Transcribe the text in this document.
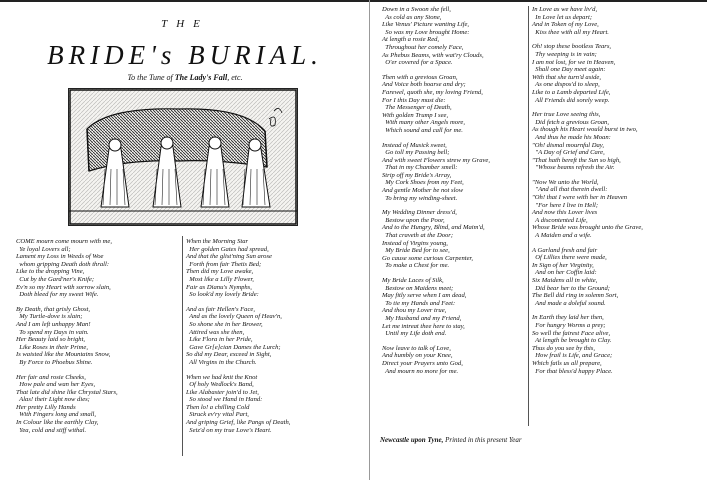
THE
BRIDE's BURIAL.
To the Tune of The Lady's Fall, etc.
COME mourn come mourn with me,
Ye loyal Lovers all;
Lament my Loss in Weeds of Woe
whom gripping Death doth thrall:
Like to the dropping Vine,
Cut by the Gard'ner's Knife;
Ev'n so my Heart with sorrow slain,
Doth bleed for my sweet Wife.
By Death, that grisly Ghost,
My Turtle-dove is slain;
And I am left unhappy Man!
To spend my Days in vain.
Her Beauty laid so bright,
Like Roses in their Prime,
Is waisted like the Mountains Snow,
By Force to Phoebus Shine.
Her fair and rosie Cheeks,
How pale and wan her Eyes,
That late did shine like Chrystal Stars,
Alas! their Light now dies;
Her pretty Lilly Hands
With Fingers long and small,
In Colour like the earthly Clay,
Yea, cold and stiff withal.
When the Morning Star
Her golden Gates had spread,
And that the glist'ning Sun arose
Forth from fair Thetis Bed;
Then did my Love awake,
Most like a Lilly Flower,
Fair as Dianu's Nymphs,
So look'd my lovely Bride:
And as fair Hellen's Face,
And as the lovely Queen of Heav'n,
So shone she in her Brower,
Attired was she then,
Like Flora in her Pride,
Gave Gr[e]cian Dames the Lurch;
So did my Dear, exceed in Sight,
All Virgins in the Church.
When we had knit the Knot
Of holy Wedlock's Band,
Like Alabaster join'd to Jet,
So stood we Hand in Hand:
Then lo! a chilling Cold
Struck ev'ry vital Part,
And griping Grief, like Pangs of Death,
Seiz'd on my true Love's Heart.
Down in a Swoon she fell,
As cold as any Stone,
Like Venus' Picture wanting Life,
So was my Love brought Home:
At length a rosie Red,
Throughout her comely Face,
As Phebus Beams, with wat'ry Clouds,
O'er covered for a Space.
Then with a grevious Groan,
And Voice both hoarse and dry;
Farewel, quoth she, my loving Friend,
For I this Day must die:
The Messenger of Death,
With golden Trump I see,
With many other Angels more,
Which sound and call for me.
Instead of Musick sweet,
Go toll my Passing bell;
And with sweet Flowers strew my Grave,
That in my Chamber smell:
Strip off my Bride's Array,
My Cork Shoes from my Feet,
And gentle Mother be not slow
To bring my winding-sheet.
My Wedding Dinner dress'd,
Bestow upon the Poor,
And to the Hungry, Blind, and Maim'd,
That craveth at the Door;
Instead of Virgins young,
My Bride Bed for to see,
Go cause some curious Carpenter,
To make a Chest for me.
My Bride Laces of Silk,
Bestow on Maidens meet;
May fitly serve when I am dead,
To tie my Hands and Feet:
And thou my Lover true,
My Husband and my Friend,
Let me intreat thee here to stay,
Until my Life doth end.
Now leave to talk of Love,
And humbly on your Knee,
Direct your Prayers unto God,
And mourn no more for me.
In Love as we have liv'd,
In Love let us depart;
And in Token of my Love,
Kiss thee with all my Heart.
Oh! stop these bootless Tears,
Thy weeping is in vain;
I am not lost, for we in Heaven,
Shall one Day meet again:
With that she turn'd aside,
As one dispos'd to sleep,
Like to a Lamb departed Life,
All Friends did sorely weep.
Her true Love seeing this,
Did fetch a grevious Groan,
As though his Heart would burst in two,
And thus he made his Moan:
"Oh! dismal mournful Day,
"A Day of Grief and Care,
"That hath bereft the Sun so high,
"Whose beams refresh the Air.
"Now We unto the World,
"And all that therein dwell:
"Oh! that I were with her in Heaven
"For here I live in Hell;
And now this Lover lives
A discontented Life,
Whose Bride was brought unto the Grave,
A Maiden and a wife.
A Garland fresh and fair
Of Lillies there were made,
In Sign of her Virginity,
And on her Coffin laid:
Six Maidens all in white,
Did bear her to the Ground;
The Bell did ring in solemn Sort,
And made a doleful sound.
In Earth they laid her then,
For hungry Worms a prey;
So well the fairest Face alive,
At length be brought to Clay.
Thus do you see by this,
How frail is Life, and Grace;
Which fails us all prepare,
For that bless'd happy Place.
Newcastle upon Tyne, Printed in this present Year
